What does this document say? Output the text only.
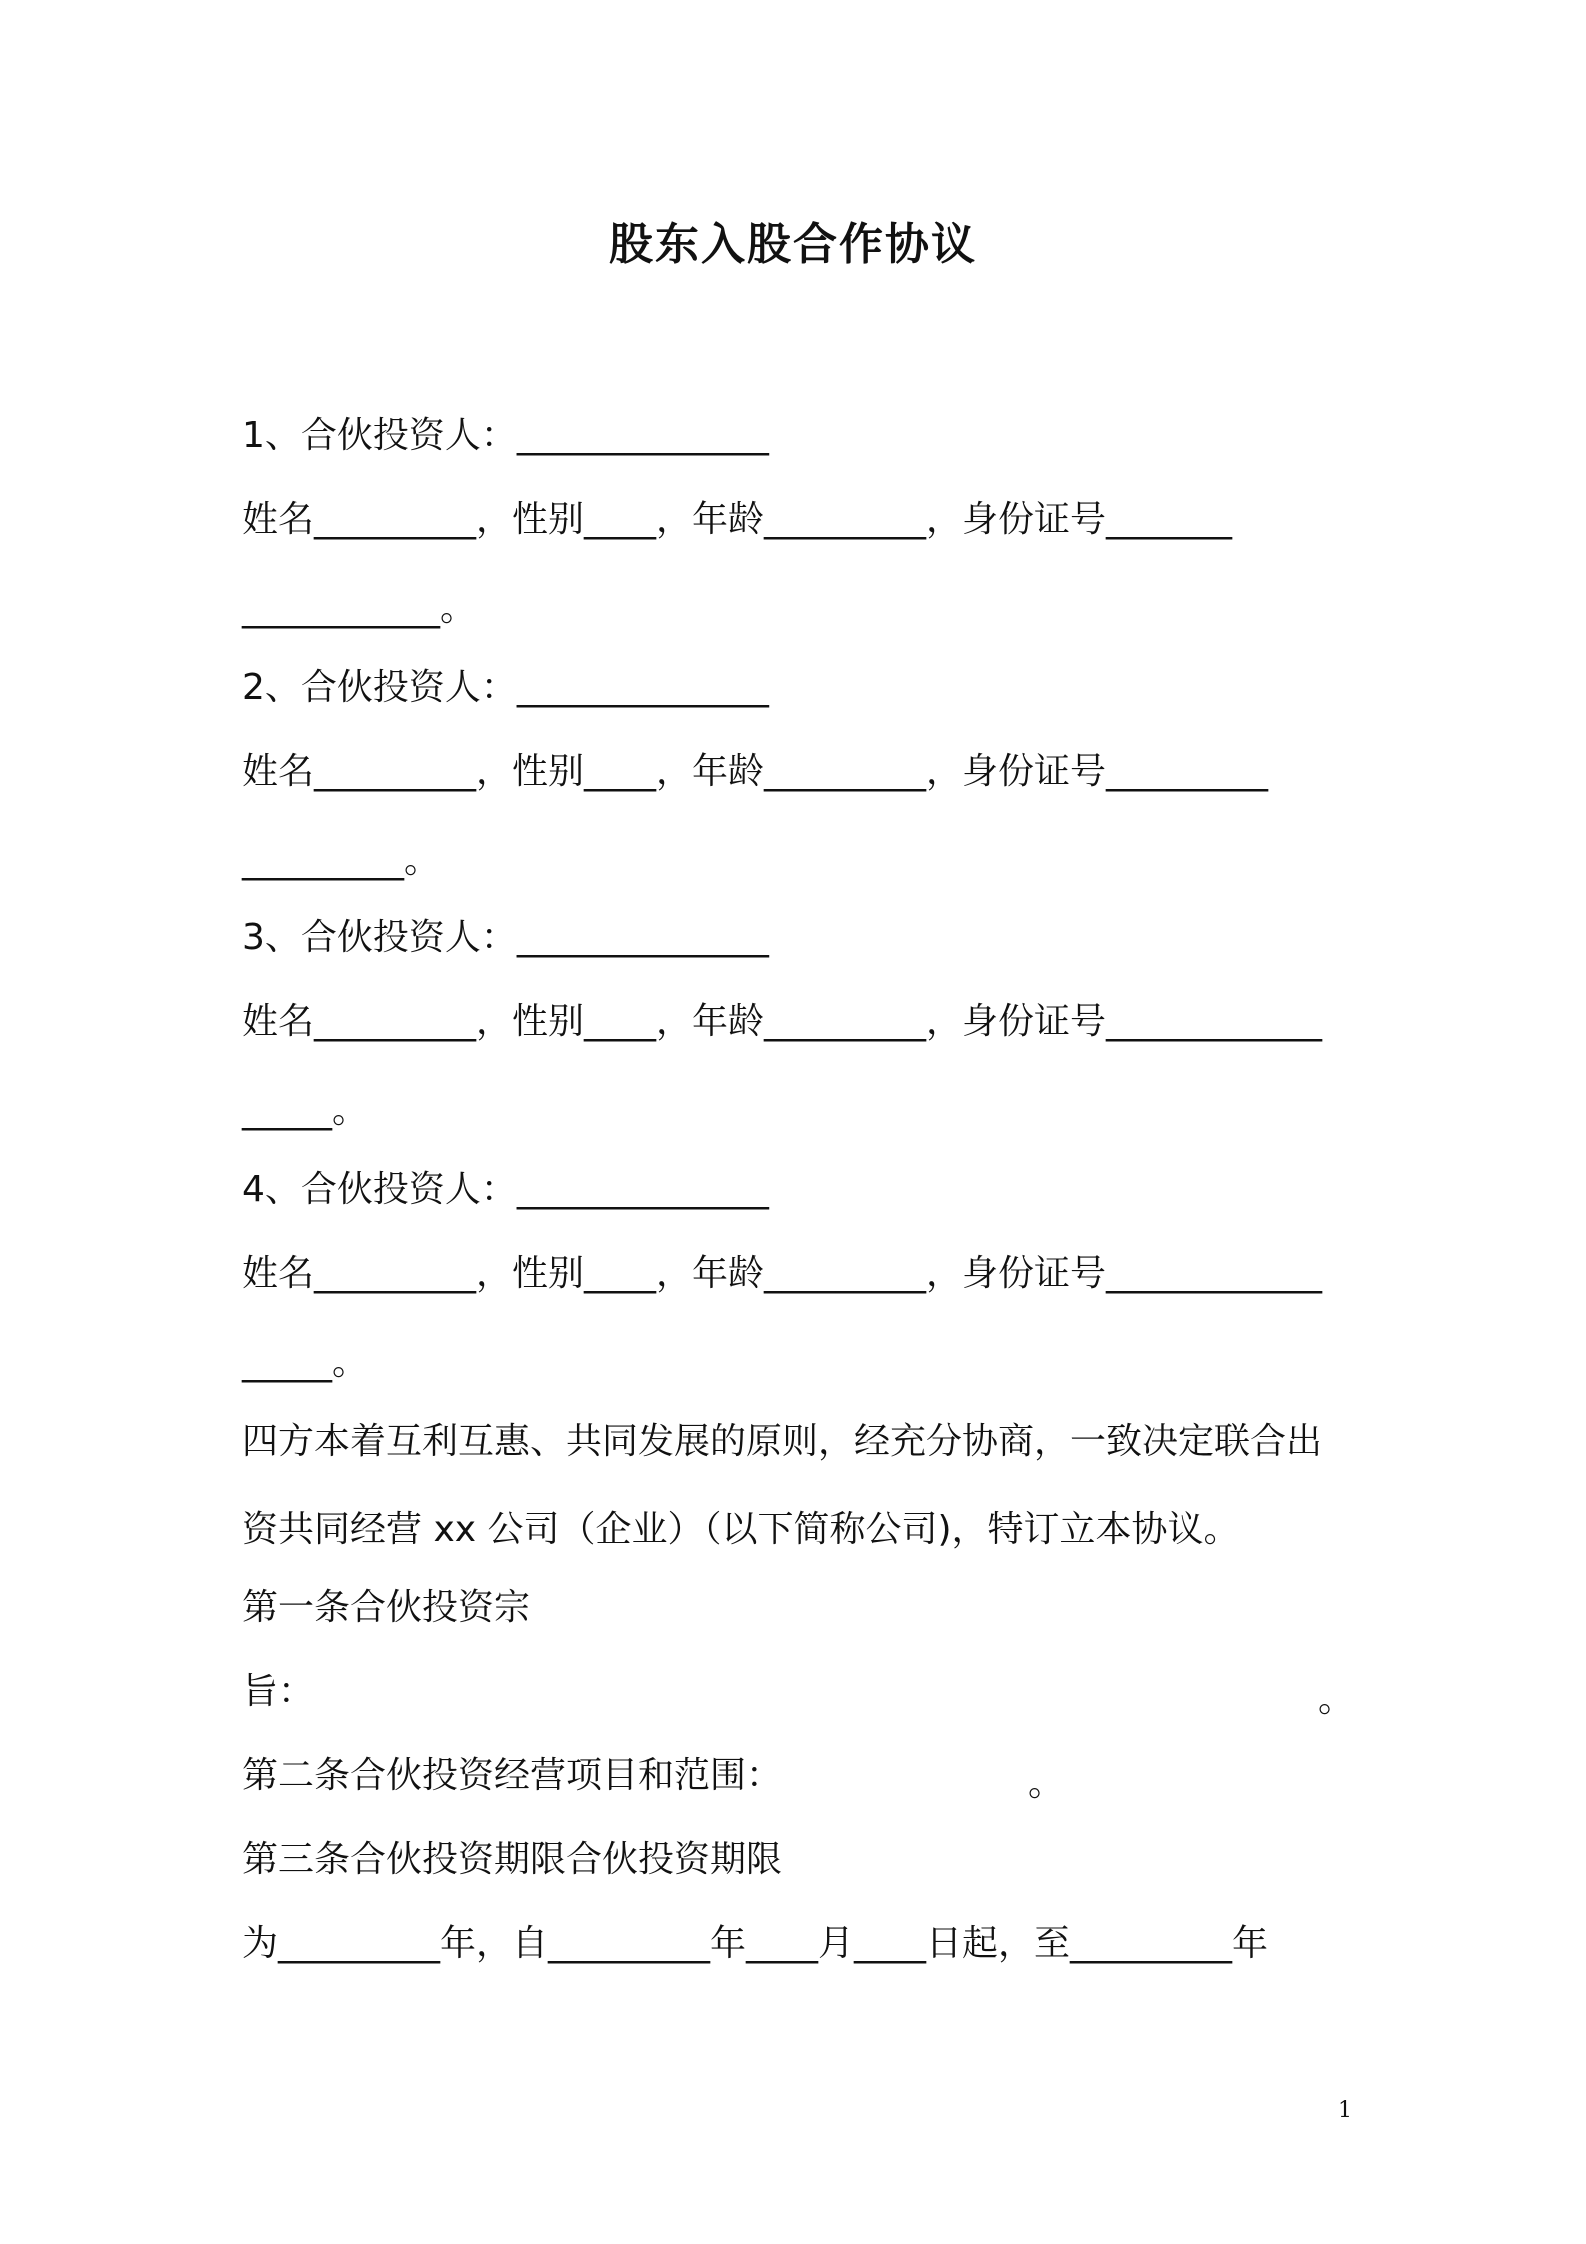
股东入股合作协议
1、合伙投资人：______________
姓名_________，性别____，年龄_________，身份证号_______
___________。
2、合伙投资人：______________
姓名_________，性别____，年龄_________，身份证号_________
_________。
3、合伙投资人：______________
姓名_________，性别____，年龄_________，身份证号____________
_____。
4、合伙投资人：______________
姓名_________，性别____，年龄_________，身份证号____________
_____。
四方本着互利互惠、共同发展的原则，经充分协商，一致决定联合出
资共同经营 xx 公司（企业）（以下简称公司)，特订立本协议。
第一条合伙投资宗
旨：	。
第二条合伙投资经营项目和范围：	。
第三条合伙投资期限合伙投资期限
为_________年，自_________年____月____日起，至_________年
1
